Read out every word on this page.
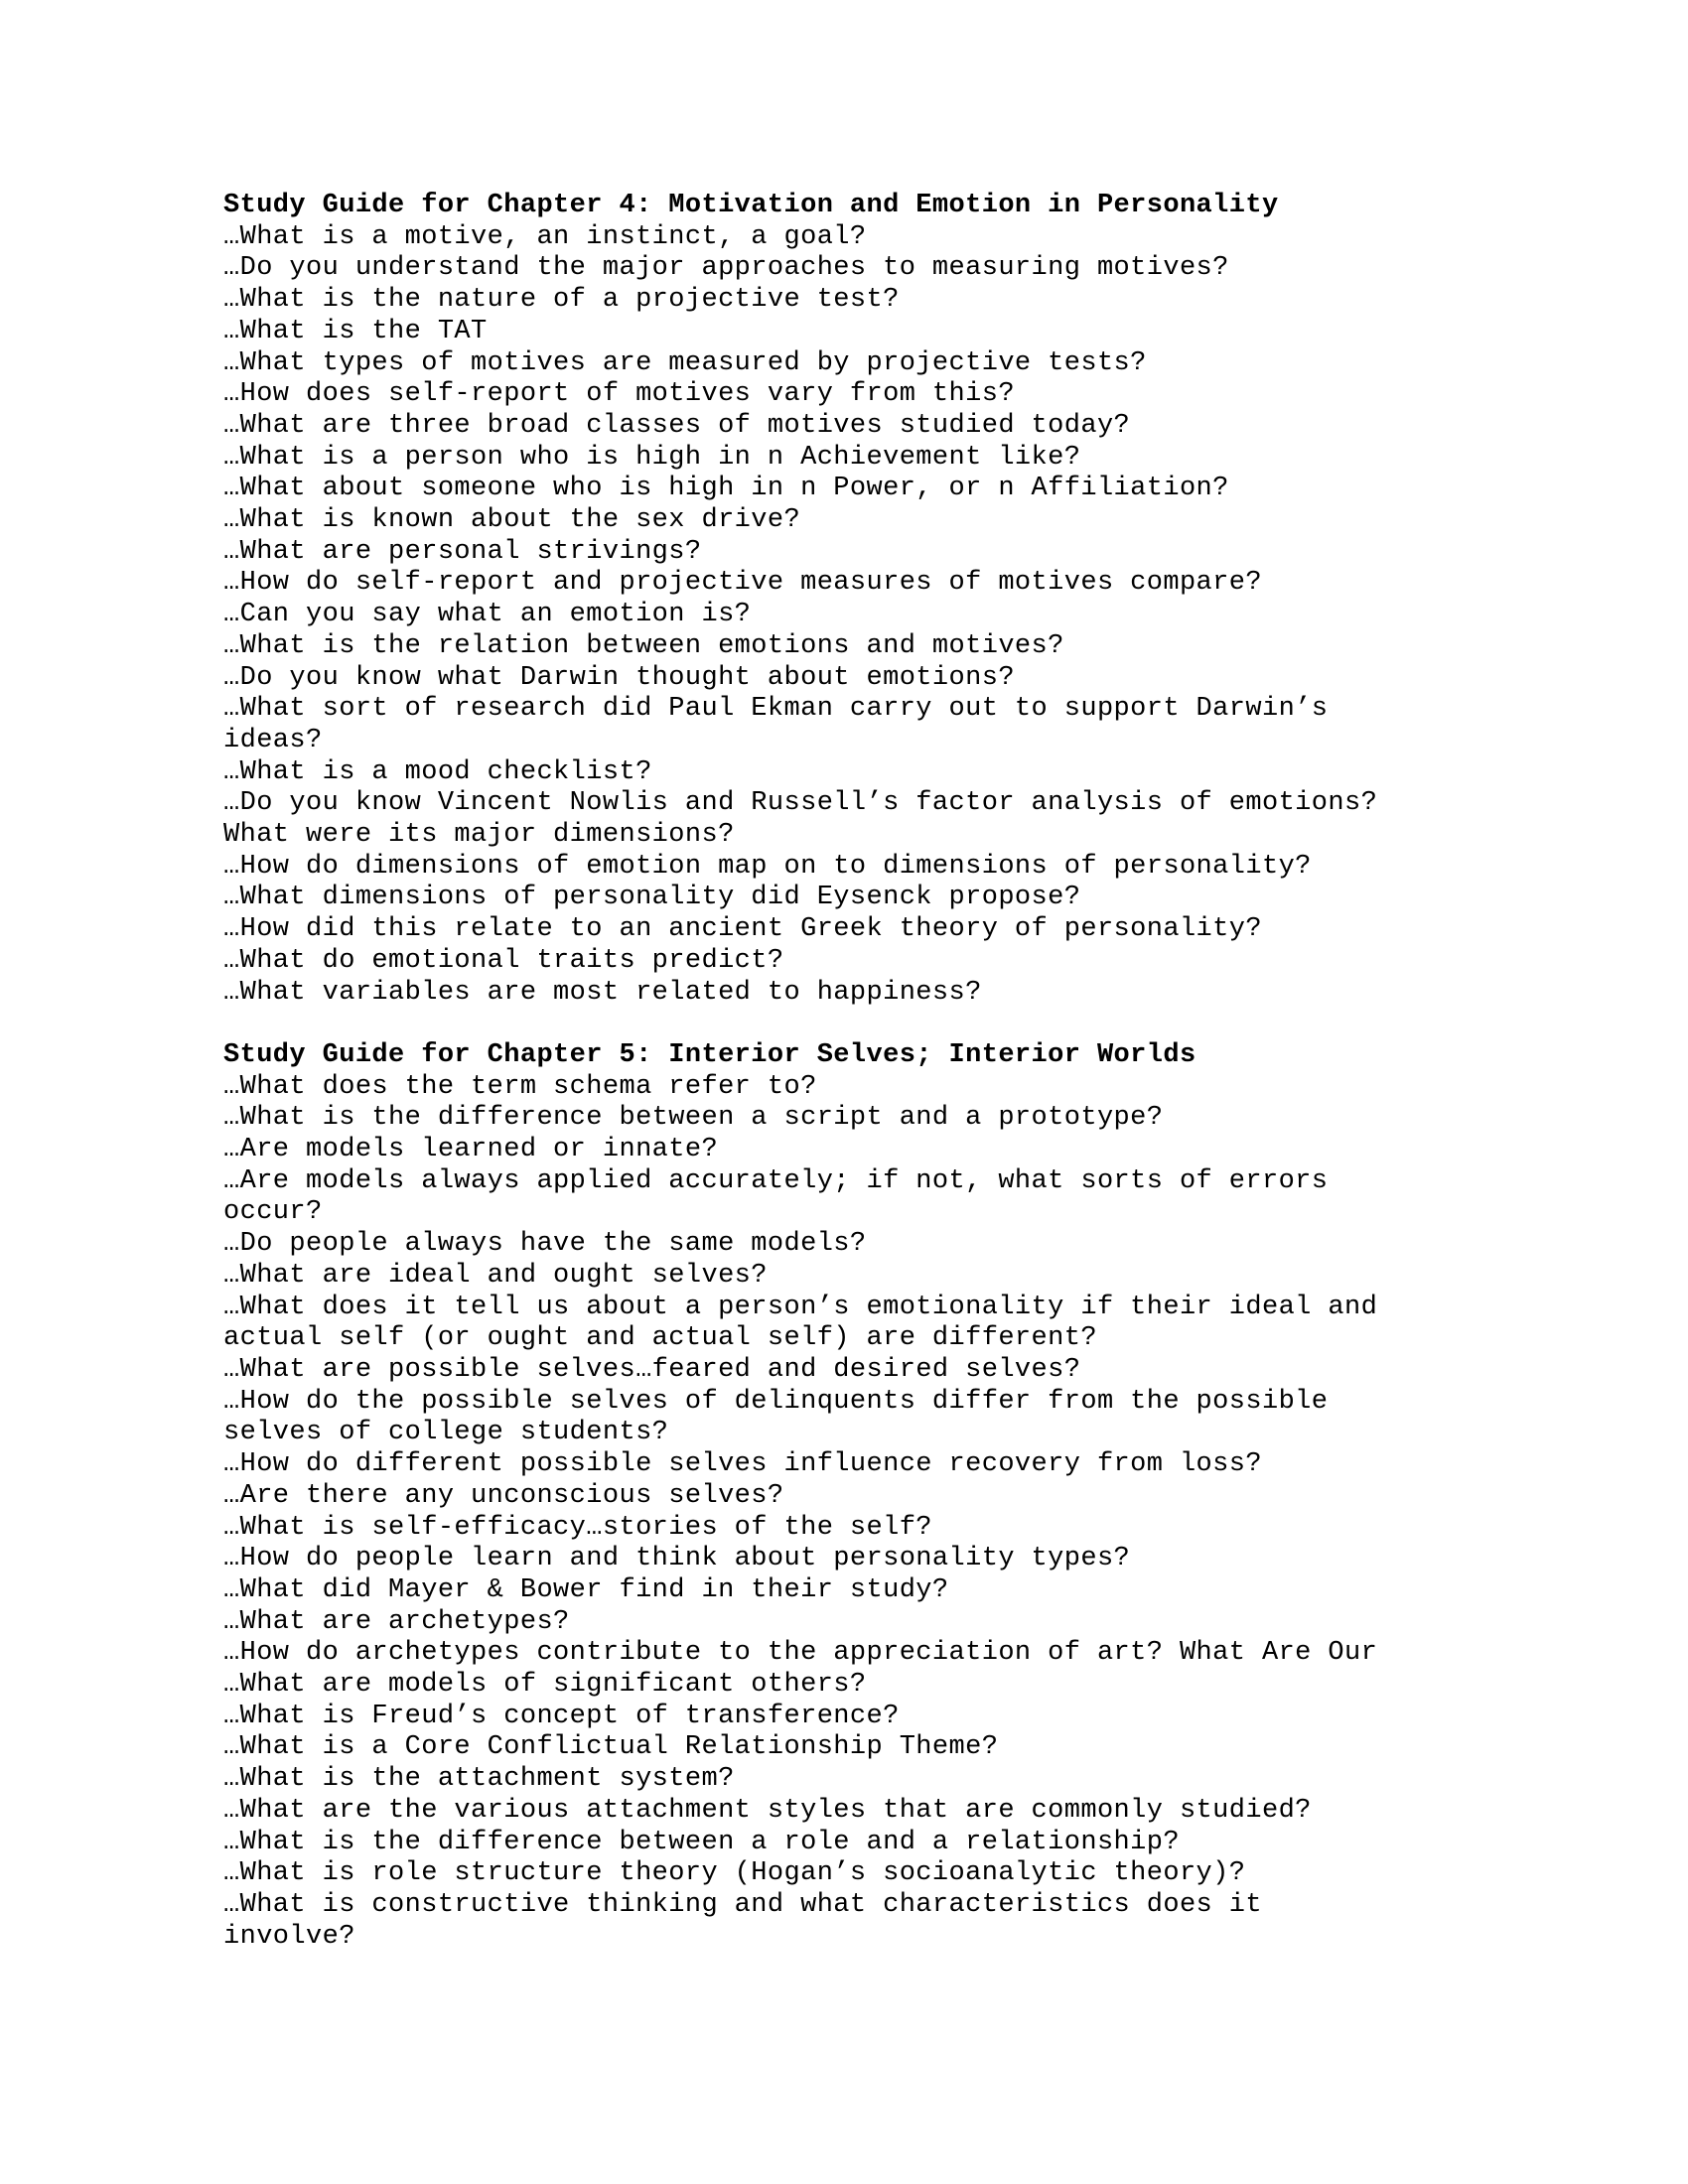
Study Guide for Chapter 4: Motivation and Emotion in Personality
…What is a motive, an instinct, a goal?
…Do you understand the major approaches to measuring motives?
…What is the nature of a projective test?
…What is the TAT
…What types of motives are measured by projective tests?
…How does self-report of motives vary from this?
…What are three broad classes of motives studied today?
…What is a person who is high in n Achievement like?
…What about someone who is high in n Power, or n Affiliation?
…What is known about the sex drive?
…What are personal strivings?
…How do self-report and projective measures of motives compare?
…Can you say what an emotion is?
…What is the relation between emotions and motives?
…Do you know what Darwin thought about emotions?
…What sort of research did Paul Ekman carry out to support Darwin’s
ideas?
…What is a mood checklist?
…Do you know Vincent Nowlis and Russell’s factor analysis of emotions?
What were its major dimensions?
…How do dimensions of emotion map on to dimensions of personality?
…What dimensions of personality did Eysenck propose?
…How did this relate to an ancient Greek theory of personality?
…What do emotional traits predict?
…What variables are most related to happiness?
Study Guide for Chapter 5: Interior Selves; Interior Worlds
…What does the term schema refer to?
…What is the difference between a script and a prototype?
…Are models learned or innate?
…Are models always applied accurately; if not, what sorts of errors
occur?
…Do people always have the same models?
…What are ideal and ought selves?
…What does it tell us about a person’s emotionality if their ideal and
actual self (or ought and actual self) are different?
…What are possible selves…feared and desired selves?
…How do the possible selves of delinquents differ from the possible
selves of college students?
…How do different possible selves influence recovery from loss?
…Are there any unconscious selves?
…What is self-efficacy…stories of the self?
…How do people learn and think about personality types?
…What did Mayer & Bower find in their study?
…What are archetypes?
…How do archetypes contribute to the appreciation of art? What Are Our
…What are models of significant others?
…What is Freud’s concept of transference?
…What is a Core Conflictual Relationship Theme?
…What is the attachment system?
…What are the various attachment styles that are commonly studied?
…What is the difference between a role and a relationship?
…What is role structure theory (Hogan’s socioanalytic theory)?
…What is constructive thinking and what characteristics does it
involve?
